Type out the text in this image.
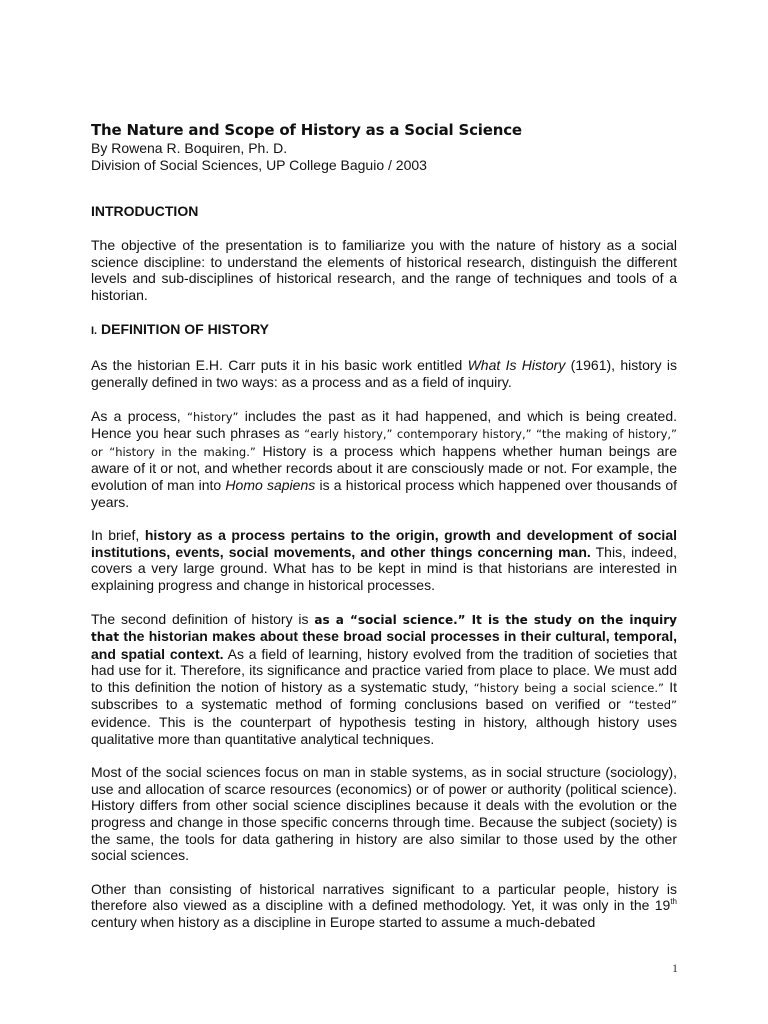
The Nature and Scope of History as a Social Science

By Rowena R. Boquiren, Ph. D.

Division of Social Sciences, UP College Baguio / 2003

INTRODUCTION

The objective of the presentation is to familiarize you with the nature of history as a social science discipline: to understand the elements of historical research, distinguish the different levels and sub-disciplines of historical research, and the range of techniques and tools of a historian.

I. DEFINITION OF HISTORY

As the historian E.H. Carr puts it in his basic work entitled What Is History (1961), history is generally defined in two ways: as a process and as a field of inquiry.

As a process, “history” includes the past as it had happened, and which is being created. Hence you hear such phrases as “early history,” contemporary history,” “the making of history,” or “history in the making.” History is a process which happens whether human beings are aware of it or not, and whether records about it are consciously made or not. For example, the evolution of man into Homo sapiens is a historical process which happened over thousands of years.

In brief, history as a process pertains to the origin, growth and development of social institutions, events, social movements, and other things concerning man. This, indeed, covers a very large ground. What has to be kept in mind is that historians are interested in explaining progress and change in historical processes.

The second definition of history is as a “social science.” It is the study on the inquiry that the historian makes about these broad social processes in their cultural, temporal, and spatial context. As a field of learning, history evolved from the tradition of societies that had use for it. Therefore, its significance and practice varied from place to place. We must add to this definition the notion of history as a systematic study, “history being a social science.” It subscribes to a systematic method of forming conclusions based on verified or “tested” evidence. This is the counterpart of hypothesis testing in history, although history uses qualitative more than quantitative analytical techniques.

Most of the social sciences focus on man in stable systems, as in social structure (sociology), use and allocation of scarce resources (economics) or of power or authority (political science). History differs from other social science disciplines because it deals with the evolution or the progress and change in those specific concerns through time. Because the subject (society) is the same, the tools for data gathering in history are also similar to those used by the other social sciences.

Other than consisting of historical narratives significant to a particular people, history is therefore also viewed as a discipline with a defined methodology. Yet, it was only in the 19th century when history as a discipline in Europe started to assume a much-debated

1
